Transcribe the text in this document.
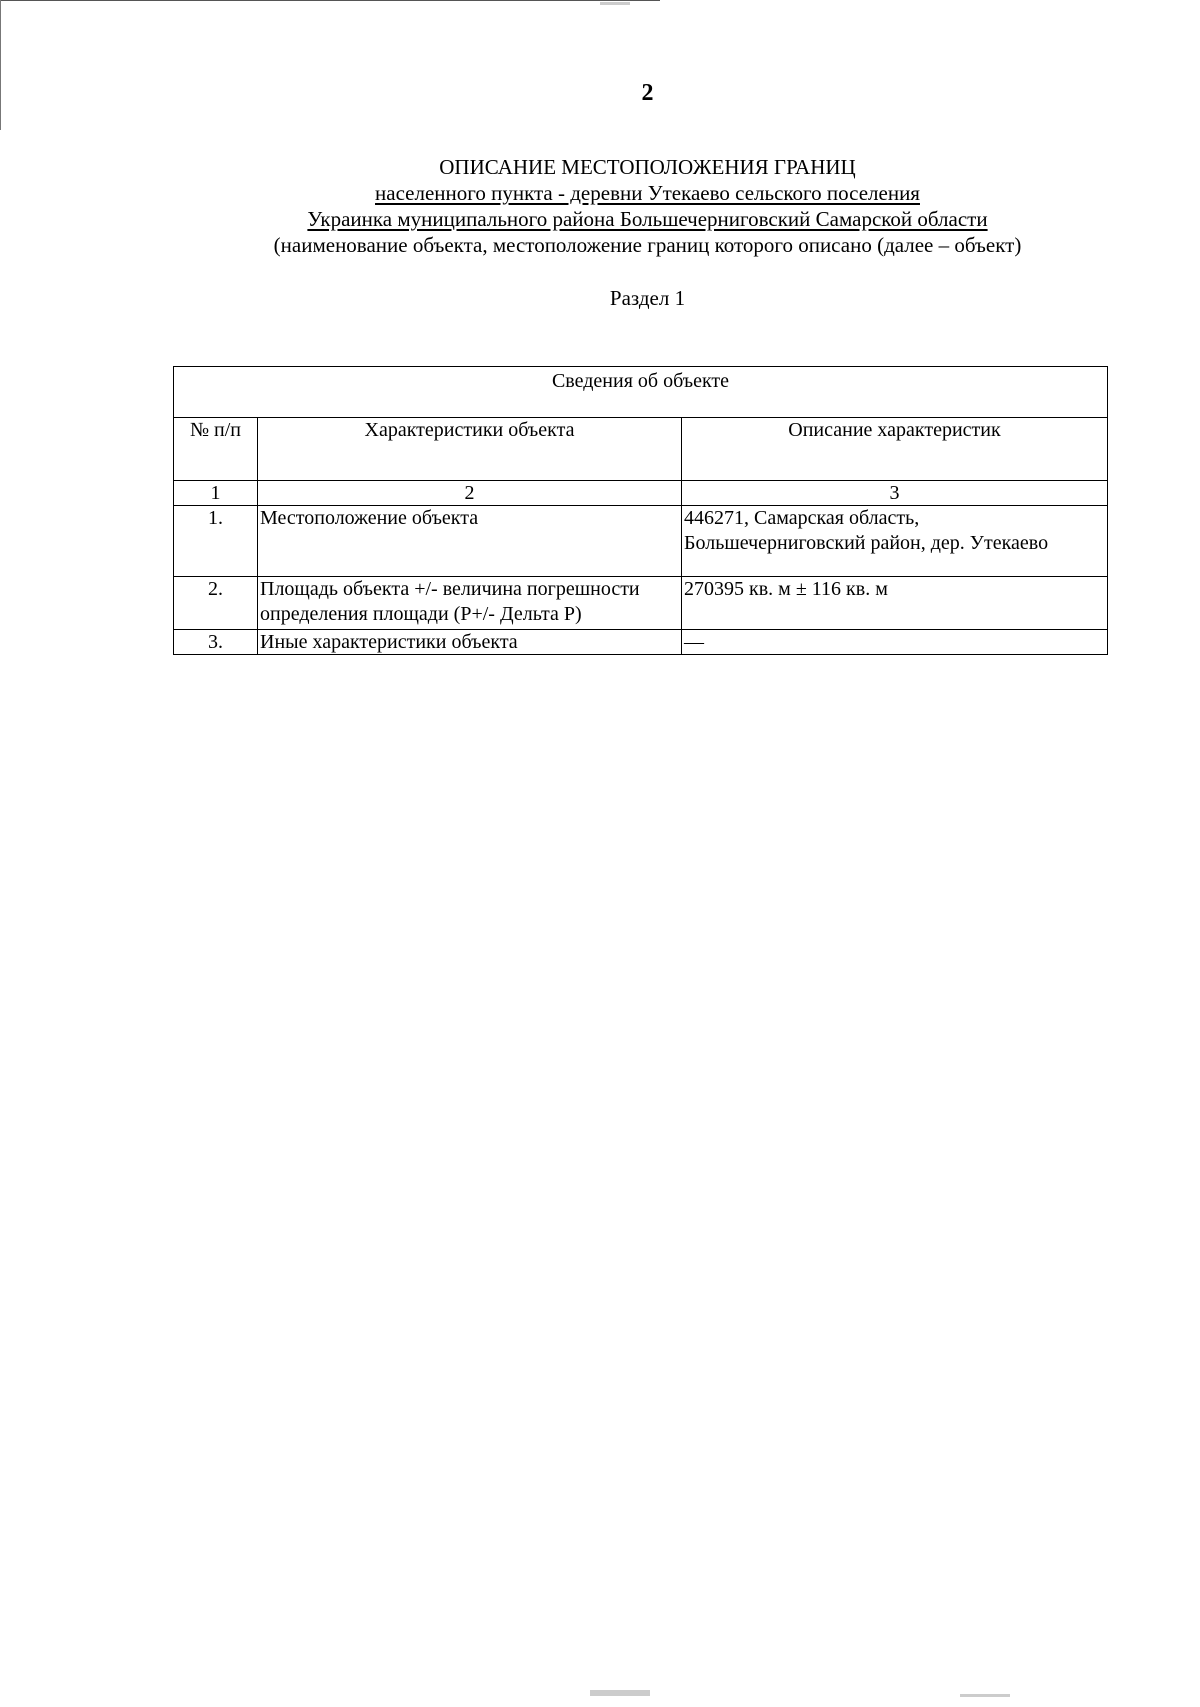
2
ОПИСАНИЕ МЕСТОПОЛОЖЕНИЯ ГРАНИЦ
населенного пункта - деревни Утекаево сельского поселения
Украинка муниципального района Большечерниговский Самарской области
(наименование объекта, местоположение границ которого описано (далее – объект)
Раздел 1
Сведения об объекте		
№ п/п	Характеристики объекта	Описание характеристик
1	2	3
1.	Местоположение объекта	446271, Самарская область, Большечерниговский район, дер. Утекаево
2.	Площадь объекта +/- величина погрешности определения площади (Р+/- Дельта Р)	270395 кв. м ± 116 кв. м
3.	Иные характеристики объекта	—
